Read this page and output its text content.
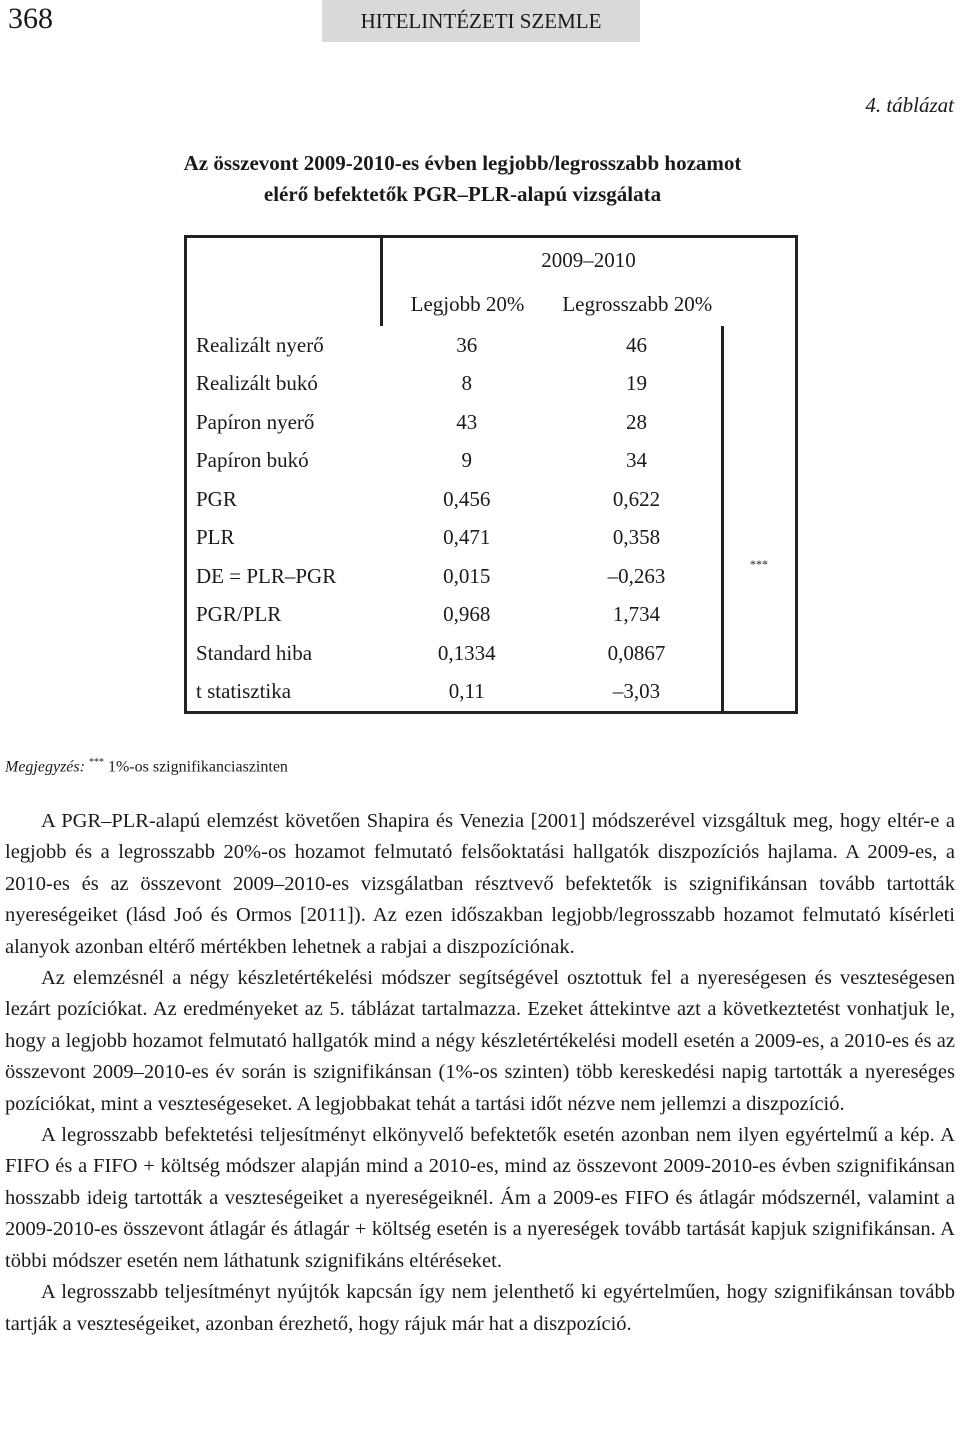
368	HITELINTÉZETI SZEMLE
4. táblázat
Az összevont 2009-2010-es évben legjobb/legrosszabb hozamot
elérő befektetők PGR–PLR-alapú vizsgálata
	2009–2010		
	Legjobb 20%	Legrosszabb 20%	
Realizált nyerő	36	46	
Realizált bukó	8	19	
Papíron nyerő	43	28	
Papíron bukó	9	34	
PGR	0,456	0,622	
PLR	0,471	0,358	
DE = PLR–PGR	0,015	–0,263	***
PGR/PLR	0,968	1,734	
Standard hiba	0,1334	0,0867	
t statisztika	0,11	–3,03	
Megjegyzés: *** 1%-os szignifikanciaszinten

A PGR–PLR-alapú elemzést követően Shapira és Venezia [2001] módszerével vizsgáltuk meg, hogy eltér-e a legjobb és a legrosszabb 20%-os hozamot felmutató felsőoktatási hallgatók diszpozíciós hajlama. A 2009-es, a 2010-es és az összevont 2009–2010-es vizsgálatban résztvevő befektetők is szignifikánsan tovább tartották nyereségeiket (lásd Joó és Ormos [2011]). Az ezen időszakban legjobb/legrosszabb hozamot felmutató kísérleti alanyok azonban eltérő mértékben lehetnek a rabjai a diszpozíciónak.

Az elemzésnél a négy készletértékelési módszer segítségével osztottuk fel a nyereségesen és veszteségesen lezárt pozíciókat. Az eredményeket az 5. táblázat tartalmazza. Ezeket áttekintve azt a következtetést vonhatjuk le, hogy a legjobb hozamot felmutató hallgatók mind a négy készletértékelési modell esetén a 2009-es, a 2010-es és az összevont 2009–2010-es év során is szignifikánsan (1%-os szinten) több kereskedési napig tartották a nyereséges pozíciókat, mint a veszteségeseket. A legjobbakat tehát a tartási időt nézve nem jellemzi a diszpozíció.

A legrosszabb befektetési teljesítményt elkönyvelő befektetők esetén azonban nem ilyen egyértelmű a kép. A FIFO és a FIFO + költség módszer alapján mind a 2010-es, mind az összevont 2009-2010-es évben szignifikánsan hosszabb ideig tartották a veszteségeiket a nyereségeiknél. Ám a 2009-es FIFO és átlagár módszernél, valamint a 2009-2010-es összevont átlagár és átlagár + költség esetén is a nyereségek tovább tartását kapjuk szignifikánsan. A többi módszer esetén nem láthatunk szignifikáns eltéréseket.

A legrosszabb teljesítményt nyújtók kapcsán így nem jelenthető ki egyértelműen, hogy szignifikánsan tovább tartják a veszteségeiket, azonban érezhető, hogy rájuk már hat a diszpozíció.
